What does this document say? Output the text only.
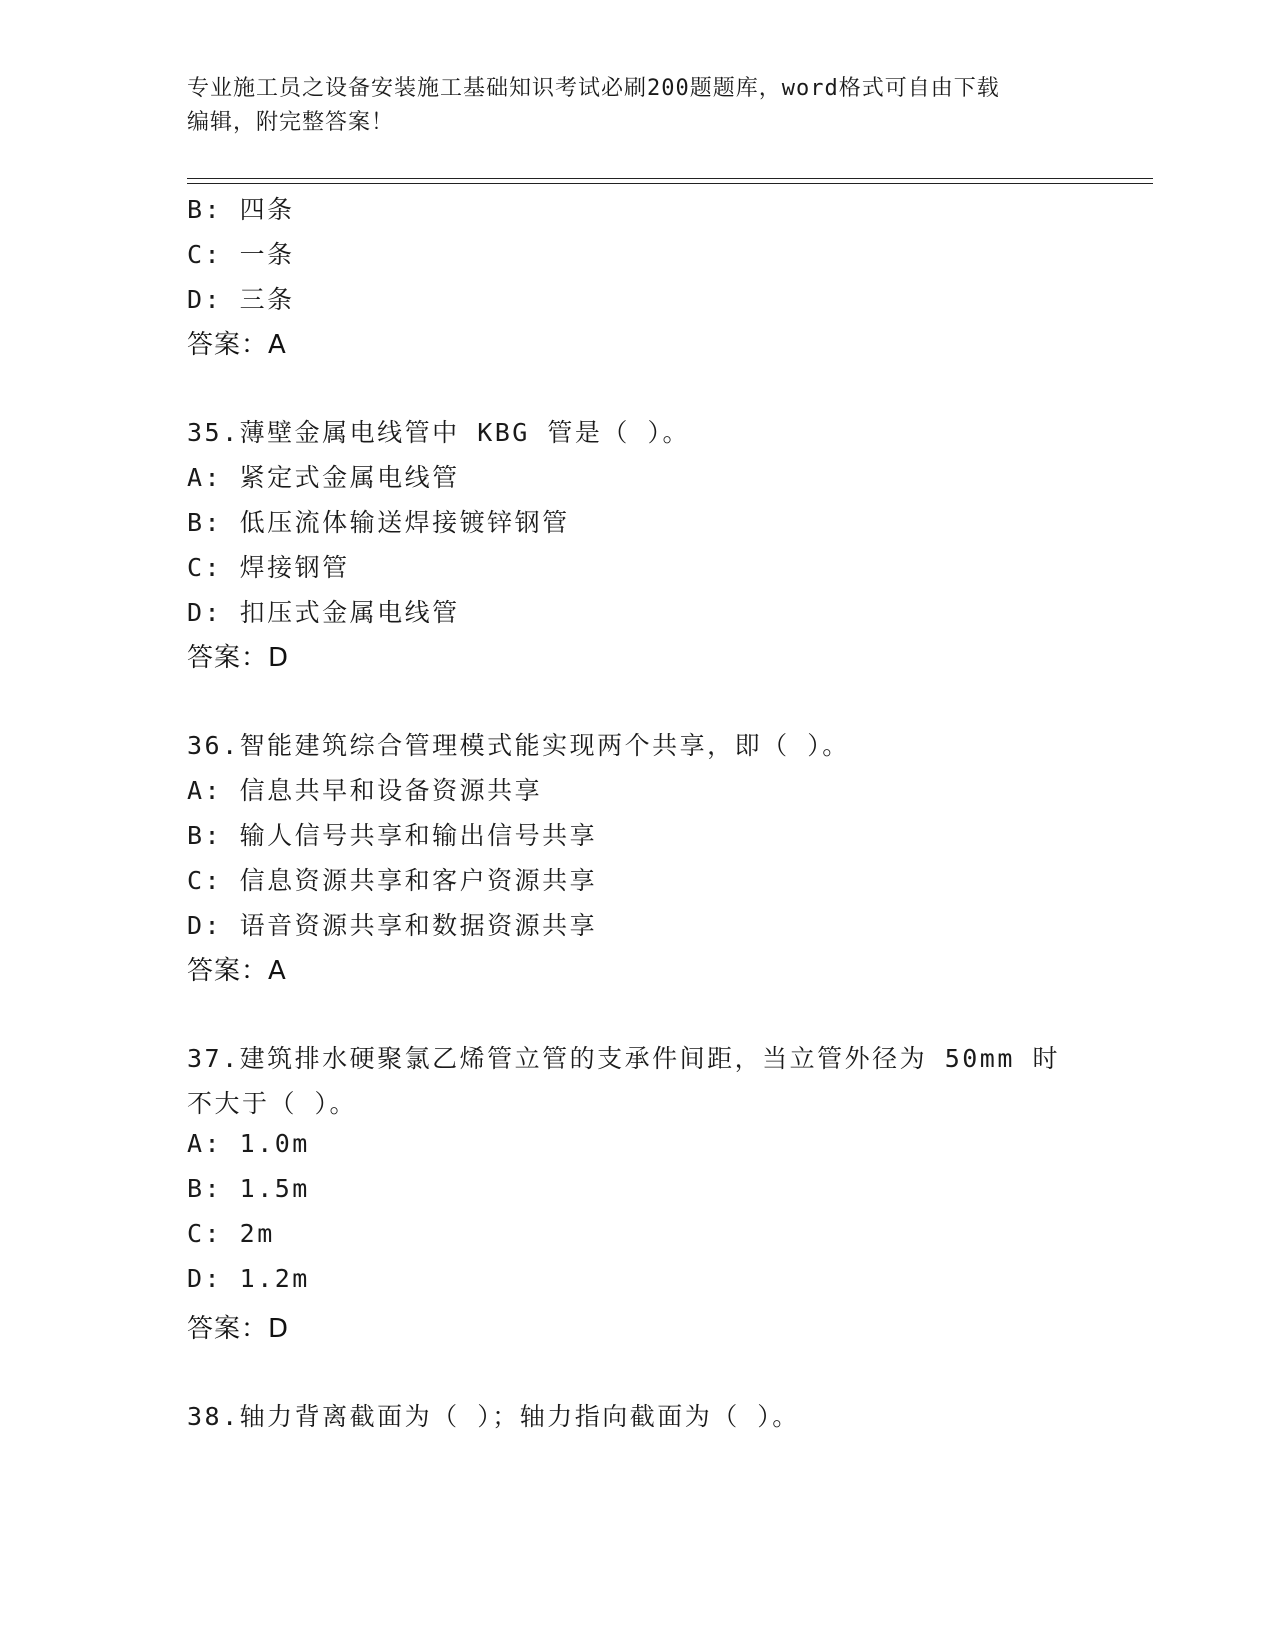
专业施工员之设备安装施工基础知识考试必刷200题题库，word格式可自由下载
编辑，附完整答案！
B: 四条
C: 一条
D: 三条
答案：A
35.薄壁金属电线管中 KBG 管是（ ）。
A: 紧定式金属电线管
B: 低压流体输送焊接镀锌钢管
C: 焊接钢管
D: 扣压式金属电线管
答案：D
36.智能建筑综合管理模式能实现两个共享，即（ ）。
A: 信息共早和设备资源共享
B: 输人信号共享和输出信号共享
C: 信息资源共享和客户资源共享
D: 语音资源共享和数据资源共享
答案：A
37.建筑排水硬聚氯乙烯管立管的支承件间距，当立管外径为 50mm 时
不大于（ ）。
A: 1.0m
B: 1.5m
C: 2m
D: 1.2m
答案：D
38.轴力背离截面为（ ）；轴力指向截面为（ ）。
